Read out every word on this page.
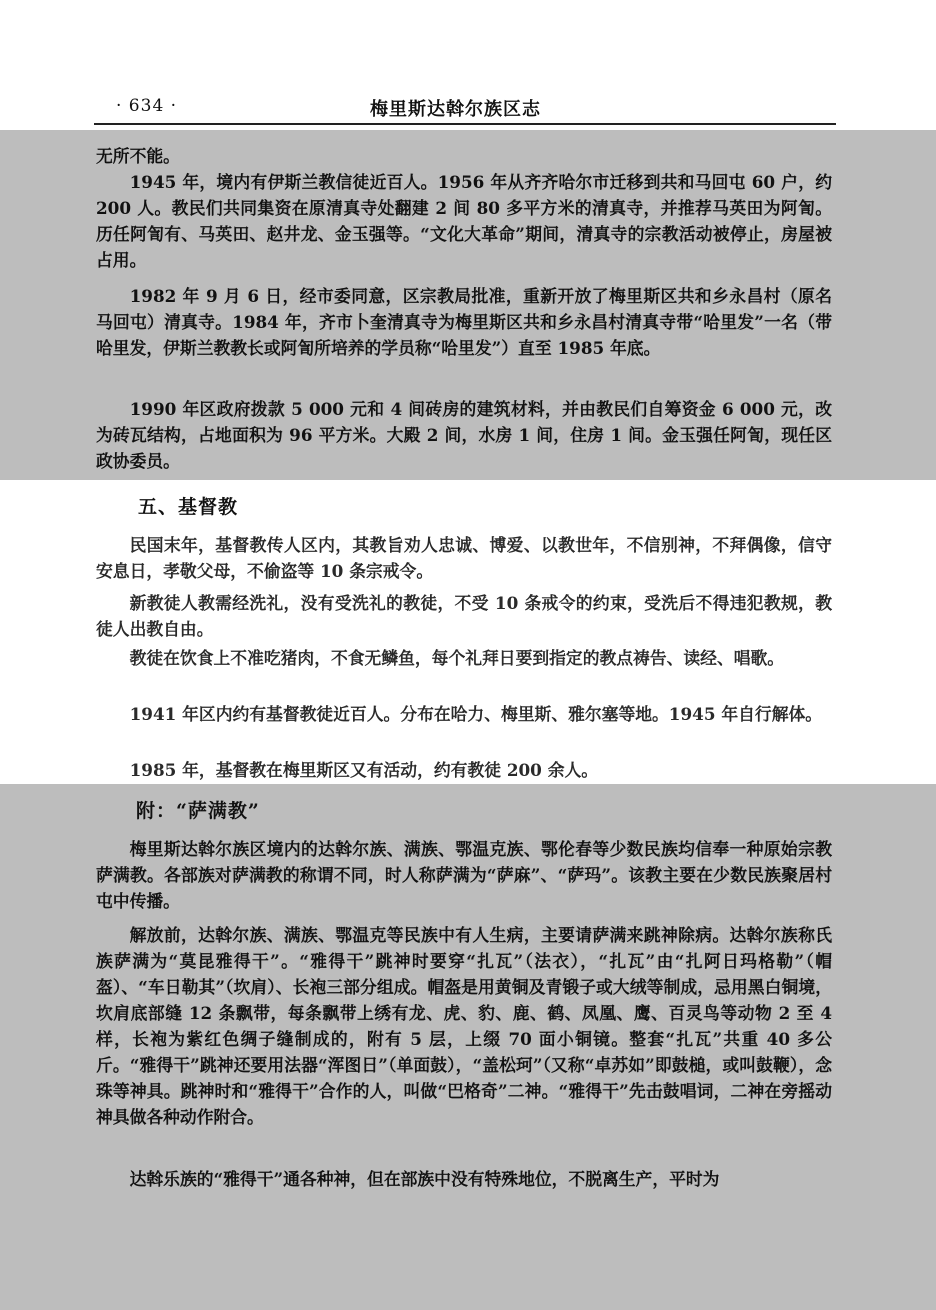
· 634 ·	梅里斯达斡尔族区志

无所不能。

1945 年，境内有伊斯兰教信徒近百人。1956 年从齐齐哈尔市迁移到共和马回屯 60 户，约 200 人。教民们共同集资在原清真寺处翻建 2 间 80 多平方米的清真寺，并推荐马英田为阿訇。历任阿訇有、马英田、赵井龙、金玉强等。“文化大革命”期间，清真寺的宗教活动被停止，房屋被占用。

1982 年 9 月 6 日，经市委同意，区宗教局批准，重新开放了梅里斯区共和乡永昌村（原名马回屯）清真寺。1984 年，齐市卜奎清真寺为梅里斯区共和乡永昌村清真寺带“哈里发”一名（带哈里发，伊斯兰教教长或阿訇所培养的学员称“哈里发”）直至 1985 年底。

1990 年区政府拨款 5 000 元和 4 间砖房的建筑材料，并由教民们自筹资金 6 000 元，改为砖瓦结构，占地面积为 96 平方米。大殿 2 间，水房 1 间，住房 1 间。金玉强任阿訇，现任区政协委员。

五、基督教

民国末年，基督教传人区内，其教旨劝人忠诚、博爱、以教世年，不信别神，不拜偶像，信守安息日，孝敬父母，不偷盗等 10 条宗戒令。

新教徒人教需经洗礼，没有受洗礼的教徒，不受 10 条戒令的约束，受洗后不得违犯教规，教徒人出教自由。

教徒在饮食上不准吃猪肉，不食无鳞鱼，每个礼拜日要到指定的教点祷告、读经、唱歌。

1941 年区内约有基督教徒近百人。分布在哈力、梅里斯、雅尔塞等地。1945 年自行解体。

1985 年，基督教在梅里斯区又有活动，约有教徒 200 余人。

附：“萨满教”

梅里斯达斡尔族区境内的达斡尔族、满族、鄂温克族、鄂伦春等少数民族均信奉一种原始宗教萨满教。各部族对萨满教的称谓不同，时人称萨满为“萨麻”、“萨玛”。该教主要在少数民族聚居村屯中传播。

解放前，达斡尔族、满族、鄂温克等民族中有人生病，主要请萨满来跳神除病。达斡尔族称氏族萨满为“莫昆雅得干”。“雅得干”跳神时要穿“扎瓦”（法衣），“扎瓦”由“扎阿日玛格勒”（帽盔）、“车日勒其”（坎肩）、长袍三部分组成。帽盔是用黄铜及青锻子或大绒等制成，忌用黑白铜境，坎肩底部缝 12 条飘带，每条飘带上绣有龙、虎、豹、鹿、鹤、凤凰、鹰、百灵鸟等动物 2 至 4 样，长袍为紫红色绸子缝制成的，附有 5 层，上缀 70 面小铜镜。整套“扎瓦”共重 40 多公斤。“雅得干”跳神还要用法器“浑图日”（单面鼓），“盖松珂”（又称“卓苏如”即鼓槌，或叫鼓鞭），念珠等神具。跳神时和“雅得干”合作的人，叫做“巴格奇”二神。“雅得干”先击鼓唱词，二神在旁摇动神具做各种动作附合。

达斡乐族的“雅得干”通各种神，但在部族中没有特殊地位，不脱离生产，平时为
